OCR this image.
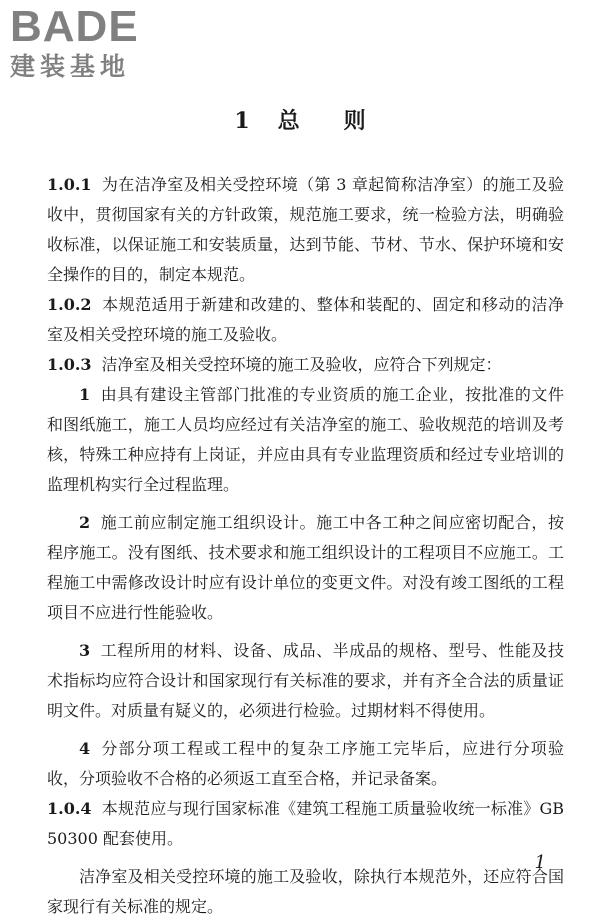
BADE
建装基地
1 总　　则

1.0.1 为在洁净室及相关受控环境（第 3 章起简称洁净室）的施工及验收中，贯彻国家有关的方针政策，规范施工要求，统一检验方法，明确验收标准，以保证施工和安装质量，达到节能、节材、节水、保护环境和安全操作的目的，制定本规范。

1.0.2 本规范适用于新建和改建的、整体和装配的、固定和移动的洁净室及相关受控环境的施工及验收。

1.0.3 洁净室及相关受控环境的施工及验收，应符合下列规定：

1 由具有建设主管部门批准的专业资质的施工企业，按批准的文件和图纸施工，施工人员均应经过有关洁净室的施工、验收规范的培训及考核，特殊工种应持有上岗证，并应由具有专业监理资质和经过专业培训的监理机构实行全过程监理。

2 施工前应制定施工组织设计。施工中各工种之间应密切配合，按程序施工。没有图纸、技术要求和施工组织设计的工程项目不应施工。工程施工中需修改设计时应有设计单位的变更文件。对没有竣工图纸的工程项目不应进行性能验收。

3 工程所用的材料、设备、成品、半成品的规格、型号、性能及技术指标均应符合设计和国家现行有关标准的要求，并有齐全合法的质量证明文件。对质量有疑义的，必须进行检验。过期材料不得使用。

4 分部分项工程或工程中的复杂工序施工完毕后，应进行分项验收，分项验收不合格的必须返工直至合格，并记录备案。

1.0.4 本规范应与现行国家标准《建筑工程施工质量验收统一标准》GB 50300 配套使用。

洁净室及相关受控环境的施工及验收，除执行本规范外，还应符合国家现行有关标准的规定。

1
